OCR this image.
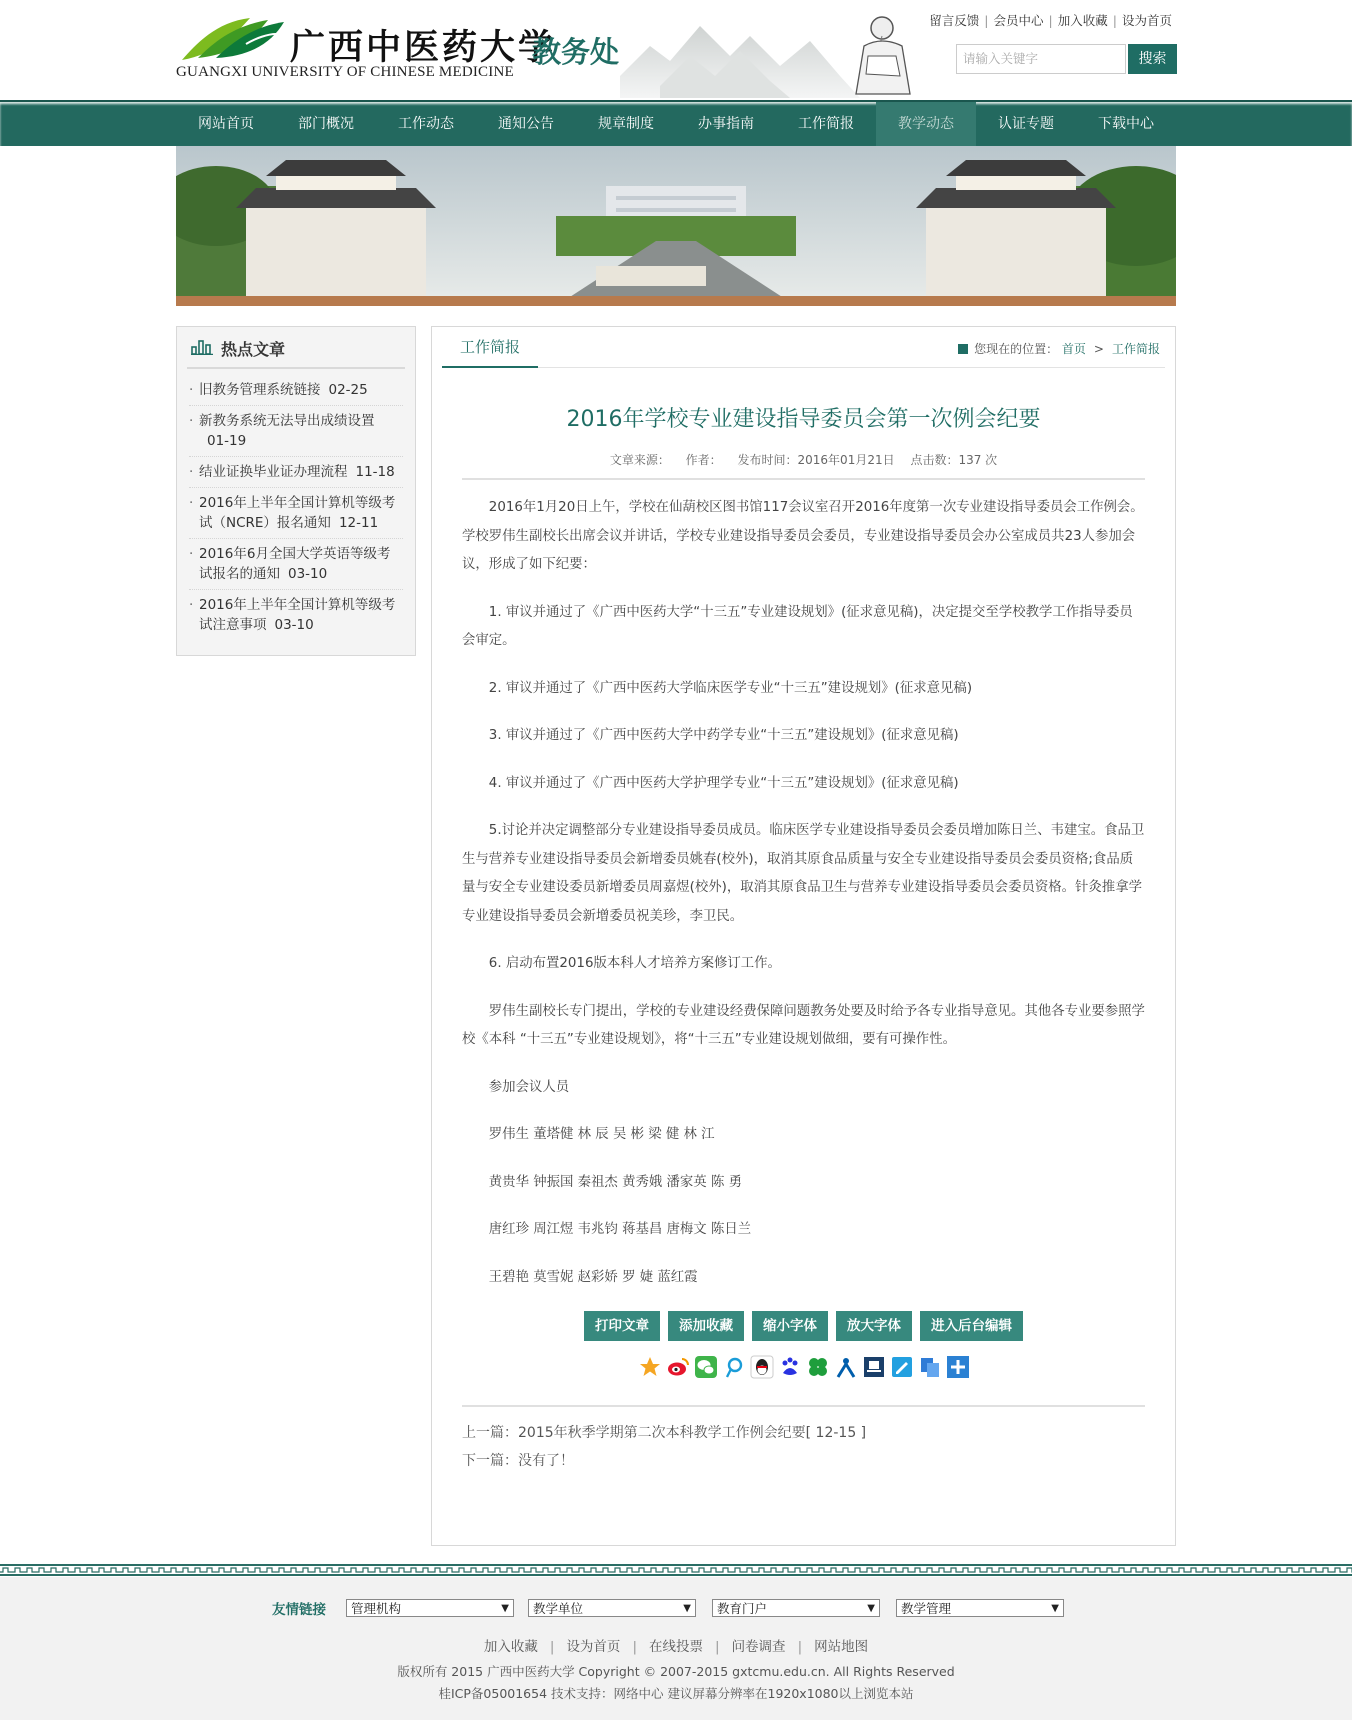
广西中医药大学
教务处
GUANGXI UNIVERSITY OF CHINESE MEDICINE
留言反馈 | 会员中心 | 加入收藏 | 设为首页
请输入关键字	搜索
网站首页	部门概况	工作动态	通知公告	规章制度	办事指南	工作简报	教学动态	认证专题	下载中心
热点文章
· 旧教务管理系统链接 02-25
· 新教务系统无法导出成绩设置01-19
· 结业证换毕业证办理流程 11-18
· 2016年上半年全国计算机等级考试（NCRE）报名通知 12-11
· 2016年6月全国大学英语等级考试报名的通知 03-10
· 2016年上半年全国计算机等级考试注意事项 03-10
工作简报	您现在的位置： 首页 > 工作简报
2016年学校专业建设指导委员会第一次例会纪要
文章来源： 作者： 发布时间：2016年01月21日 点击数：137 次

2016年1月20日上午，学校在仙葫校区图书馆117会议室召开2016年度第一次专业建设指导委员会工作例会。学校罗伟生副校长出席会议并讲话，学校专业建设指导委员会委员，专业建设指导委员会办公室成员共23人参加会议，形成了如下纪要：

1. 审议并通过了《广西中医药大学“十三五”专业建设规划》(征求意见稿)，决定提交至学校教学工作指导委员会审定。

2. 审议并通过了《广西中医药大学临床医学专业“十三五”建设规划》(征求意见稿)

3. 审议并通过了《广西中医药大学中药学专业“十三五”建设规划》(征求意见稿)

4. 审议并通过了《广西中医药大学护理学专业“十三五”建设规划》(征求意见稿)

5.讨论并决定调整部分专业建设指导委员成员。临床医学专业建设指导委员会委员增加陈日兰、韦建宝。食品卫生与营养专业建设指导委员会新增委员姚春(校外)，取消其原食品质量与安全专业建设指导委员会委员资格;食品质量与安全专业建设委员新增委员周嘉煜(校外)，取消其原食品卫生与营养专业建设指导委员会委员资格。针灸推拿学专业建设指导委员会新增委员祝美珍，李卫民。

6. 启动布置2016版本科人才培养方案修订工作。

罗伟生副校长专门提出，学校的专业建设经费保障问题教务处要及时给予各专业指导意见。其他各专业要参照学校《本科 “十三五”专业建设规划》，将“十三五”专业建设规划做细，要有可操作性。

参加会议人员

罗伟生 董塔健 林 辰 吴 彬 梁 健 林 江

黄贵华 钟振国 秦祖杰 黄秀娥 潘家英 陈 勇

唐红珍 周江煜 韦兆钧 蒋基昌 唐梅文 陈日兰

王碧艳 莫雪妮 赵彩娇 罗 婕 蓝红霞

打印文章 添加收藏 缩小字体 放大字体 进入后台编辑

上一篇：2015年秋季学期第二次本科教学工作例会纪要[ 12-15 ]
下一篇：没有了！
友情链接	管理机构	▼	教学单位	▼	教育门户	▼	教学管理	▼
加入收藏 | 设为首页 | 在线投票 | 问卷调查 | 网站地图
版权所有 2015 广西中医药大学 Copyright © 2007-2015 gxtcmu.edu.cn. All Rights Reserved
桂ICP备05001654 技术支持：网络中心 建议屏幕分辨率在1920x1080以上浏览本站
